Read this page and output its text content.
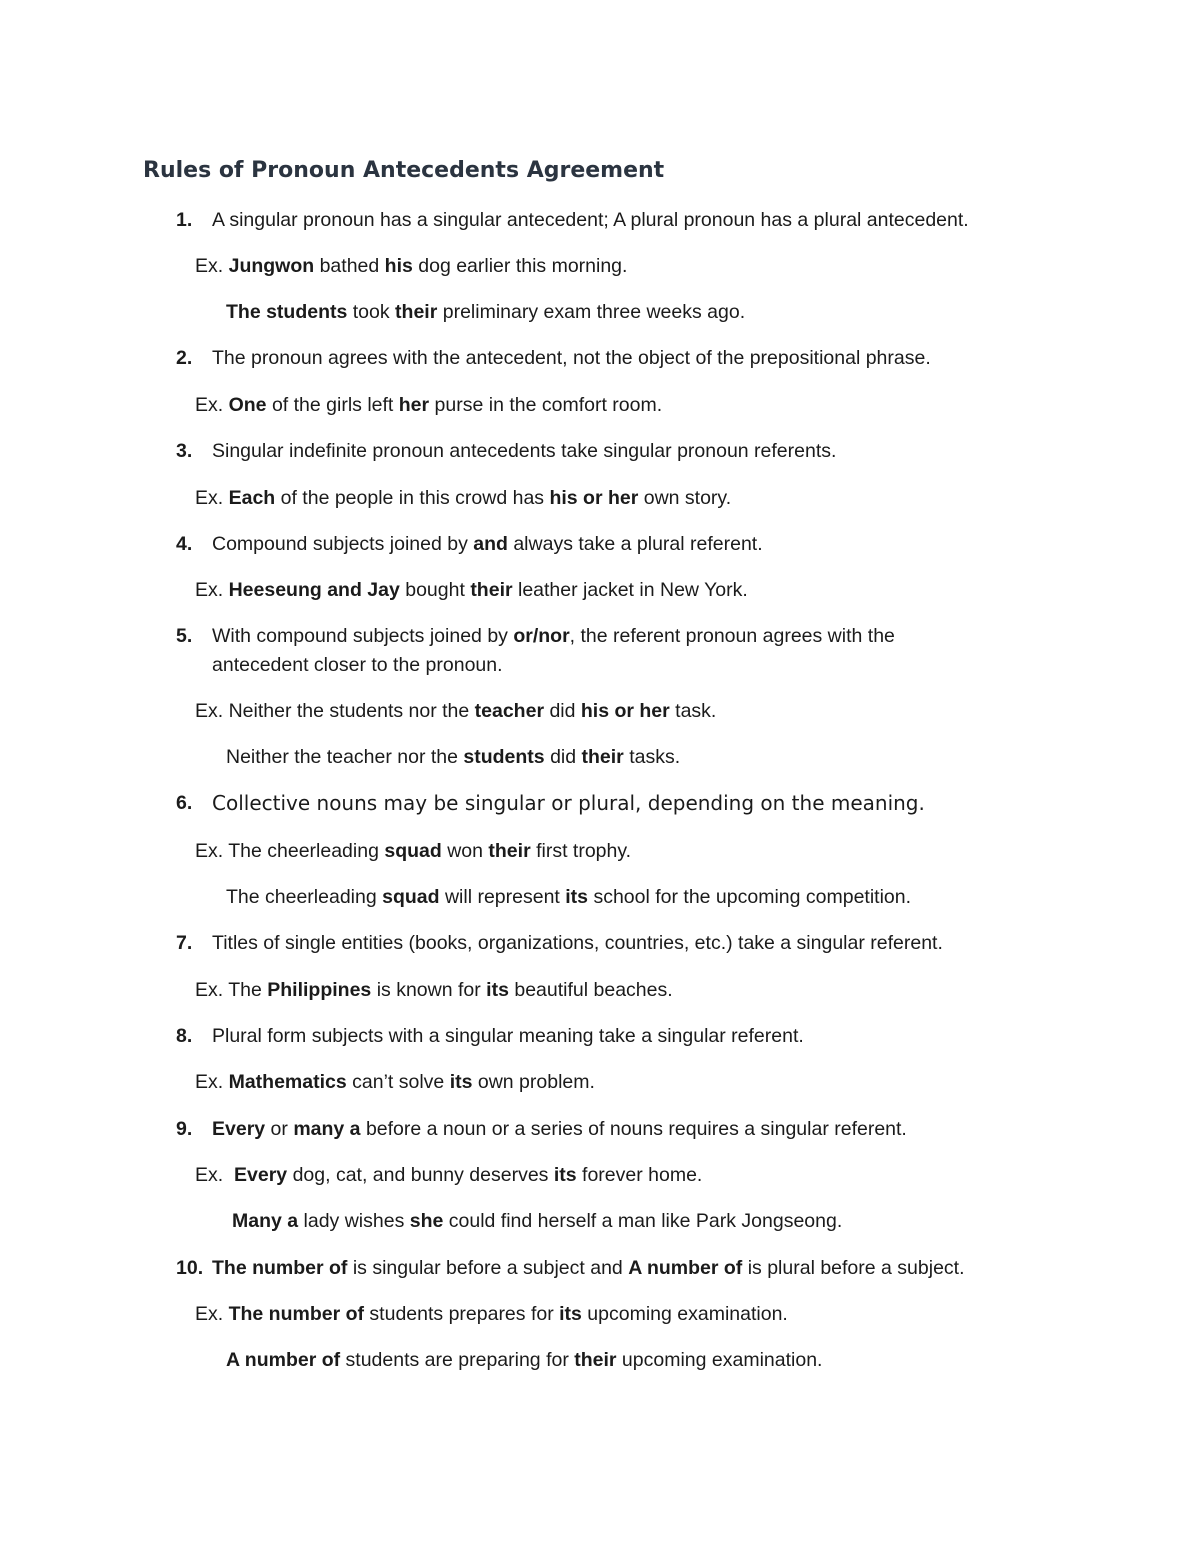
Rules of Pronoun Antecedents Agreement
1. A singular pronoun has a singular antecedent; A plural pronoun has a plural antecedent.
Ex. Jungwon bathed his dog earlier this morning.
The students took their preliminary exam three weeks ago.
2. The pronoun agrees with the antecedent, not the object of the prepositional phrase.
Ex. One of the girls left her purse in the comfort room.
3. Singular indefinite pronoun antecedents take singular pronoun referents.
Ex. Each of the people in this crowd has his or her own story.
4. Compound subjects joined by and always take a plural referent.
Ex. Heeseung and Jay bought their leather jacket in New York.
5. With compound subjects joined by or/nor, the referent pronoun agrees with the
antecedent closer to the pronoun.
Ex. Neither the students nor the teacher did his or her task.
Neither the teacher nor the students did their tasks.
6. Collective nouns may be singular or plural, depending on the meaning.
Ex. The cheerleading squad won their first trophy.
The cheerleading squad will represent its school for the upcoming competition.
7. Titles of single entities (books, organizations, countries, etc.) take a singular referent.
Ex. The Philippines is known for its beautiful beaches.
8. Plural form subjects with a singular meaning take a singular referent.
Ex. Mathematics can’t solve its own problem.
9. Every or many a before a noun or a series of nouns requires a singular referent.
Ex.  Every dog, cat, and bunny deserves its forever home.
Many a lady wishes she could find herself a man like Park Jongseong.
10. The number of is singular before a subject and A number of is plural before a subject.
Ex. The number of students prepares for its upcoming examination.
A number of students are preparing for their upcoming examination.
